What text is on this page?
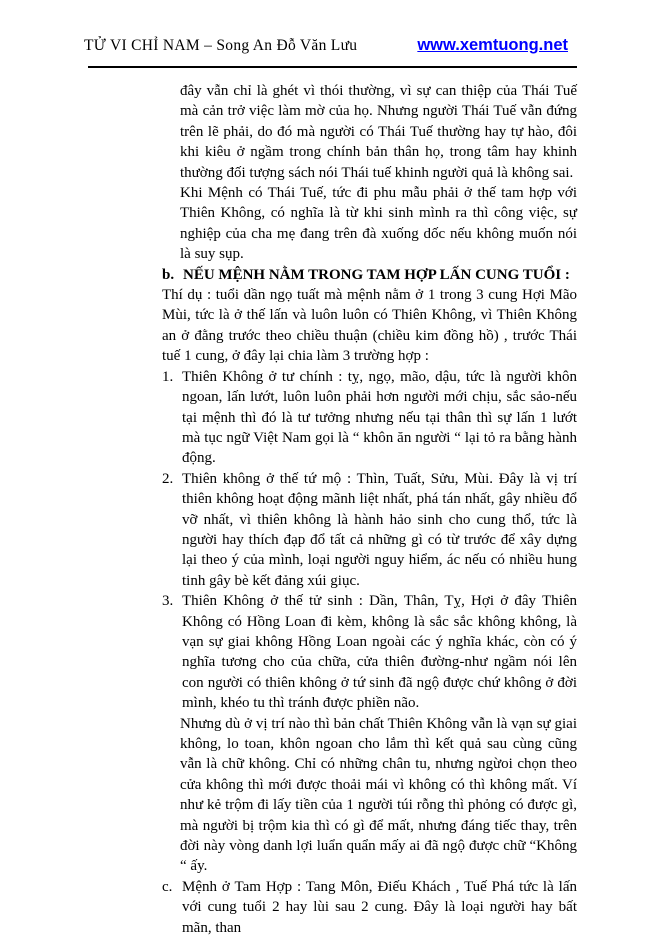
TỬ VI CHỈ NAM – Song An Đỗ Văn Lưu	www.xemtuong.net
đây vẫn chỉ là ghét vì thói thường, vì sự can thiệp của Thái Tuế mà cản trở việc làm mờ của họ. Nhưng người Thái Tuế vẫn đứng trên lẽ phải, do đó mà người có Thái Tuế thường hay tự hào, đôi khi kiêu ở ngầm trong chính bản thân họ, trong tâm hay khinh thường đối tượng sách nói Thái tuế khinh người quả là không sai.
Khi Mệnh có Thái Tuế, tức đi phu mẫu phải ở thế tam hợp với Thiên Không, có nghĩa là từ khi sinh mình ra thì công việc, sự nghiệp của cha mẹ đang trên đà xuống dốc nếu không muốn nói là suy sụp.
b. NẾU MỆNH NẰM TRONG TAM HỢP LẤN CUNG TUỔI :
Thí dụ : tuổi dần ngọ tuất mà mệnh nằm ở 1 trong 3 cung Hợi Mão Mùi, tức là ở thế lấn và luôn luôn có Thiên Không, vì Thiên Không an ở đằng trước theo chiều thuận (chiều kim đồng hồ) , trước Thái tuế 1 cung, ở đây lại chia làm 3 trường hợp :
1. Thiên Không ở tư chính : tỵ, ngọ, mão, dậu, tức là người khôn ngoan, lấn lướt, luôn luôn phải hơn người mới chịu, sắc sảo-nếu tại mệnh thì đó là tư tưởng nhưng nếu tại thân thì sự lấn 1 lướt mà tục ngữ Việt Nam gọi là “ khôn ăn người “ lại tỏ ra bằng hành động.
2. Thiên không ở thế tứ mộ : Thìn, Tuất, Sửu, Mùi. Đây là vị trí thiên không hoạt động mãnh liệt nhất, phá tán nhất, gây nhiều đổ vỡ nhất, vì thiên không là hành hảo sinh cho cung thổ, tức là người hay thích đạp đổ tất cả những gì có từ trước để xây dựng lại theo ý của mình, loại người nguy hiểm, ác nếu có nhiều hung tinh gây bè kết đảng xúi giục.
3. Thiên Không ở thế tử sinh : Dần, Thân, Tỵ, Hợi ở đây Thiên Không có Hồng Loan đi kèm, không là sắc sắc không không, là vạn sự giai không Hồng Loan ngoài các ý nghĩa khác, còn có ý nghĩa tương cho của chữa, cửa thiên đường-như ngầm nói lên con người có thiên không ở tứ sinh đã ngộ được chứ không ở đời mình, khéo tu thì tránh được phiền não.
Nhưng dù ở vị trí nào thì bản chất Thiên Không vẫn là vạn sự giai không, lo toan, khôn ngoan cho lắm thì kết quả sau cùng cũng vẫn là chữ không. Chỉ có những chân tu, nhưng ngừoi chọn theo cửa không thì mới được thoải mái vì không có thì không mất. Ví như kẻ trộm đi lấy tiền của 1 người túi rỗng thì phỏng có được gì, mà người bị trộm kia thì có gì để mất, nhưng đáng tiếc thay, trên đời này vòng danh lợi luẩn quẩn mấy ai đã ngộ được chữ “Không “ ấy.
c. Mệnh ở Tam Hợp : Tang Môn, Điếu Khách , Tuế Phá tức là lấn với cung tuổi 2 hay lùi sau 2 cung. Đây là loại người hay bất mãn, than
